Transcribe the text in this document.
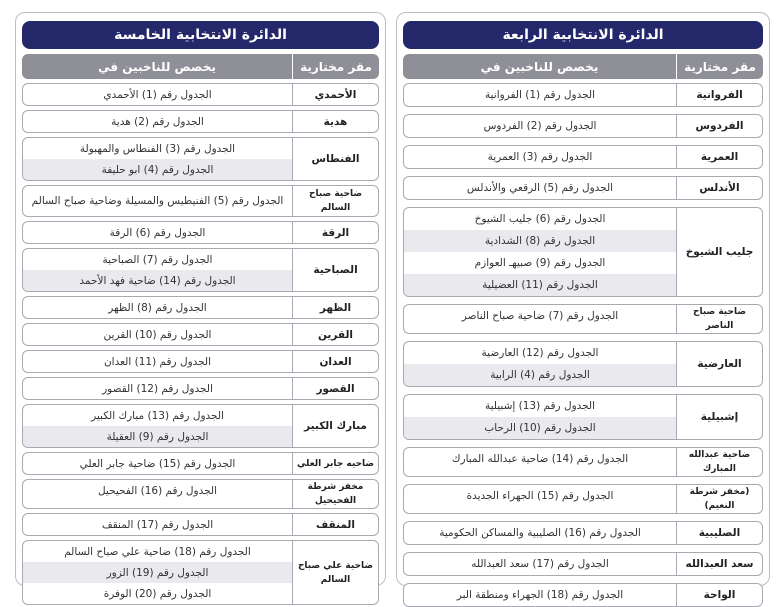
الدائرة الانتخابية الرابعة
مقر مختارية
يخصص للناخبين في
الفروانية
الجدول رقم (1) الفروانية
الفردوس
الجدول رقم (2) الفردوس
العمرية
الجدول رقم (3) العمرية
الأندلس
الجدول رقم (5) الرقعي والأندلس
جليب الشيوخ
الجدول رقم (6) جليب الشيوخ
الجدول رقم (8) الشدادية
الجدول رقم (9) صبيهـ العوازم
الجدول رقم (11) العضيلية
ضاحية صباح الناصر
الجدول رقم (7) ضاحية صباح الناصر
العارضية
الجدول رقم (12) العارضية
الجدول رقم (4) الرابية
إشبيلية
الجدول رقم (13) إشبيلية
الجدول رقم (10) الرحاب
ضاحية عبدالله المبارك
الجدول رقم (14) ضاحية عبدالله المبارك
(مخفر شرطة النعيم)
الجدول رقم (15) الجهراء الجديدة
الصليبية
الجدول رقم (16) الصليبية والمساكن الحكومية
سعد العبدالله
الجدول رقم (17) سعد العبدالله
الواحة
الجدول رقم (18) الجهراء ومنطقة البر
الدائرة الانتخابية الخامسة
مقر مختارية
يخصص للناخبين في
الأحمدي
الجدول رقم (1) الأحمدي
هدية
الجدول رقم (2) هدية
الفنطاس
الجدول رقم (3) الفنطاس والمهبولة
الجدول رقم (4) ابو حليفة
ضاحية صباح السالم
الجدول رقم (5) الفنيطيس والمسيلة وضاحية صباح السالم
الرقة
الجدول رقم (6) الرقة
الصباحية
الجدول رقم (7) الصباحية
الجدول رقم (14) ضاحية فهد الأحمد
الظهر
الجدول رقم (8) الظهر
القرين
الجدول رقم (10) القرين
العدان
الجدول رقم (11) العدان
القصور
الجدول رقم (12) القصور
مبارك الكبير
الجدول رقم (13) مبارك الكبير
الجدول رقم (9) العقيلة
ضاحيه جابر العلي
الجدول رقم (15) ضاحية جابر العلي
مخفر شرطة الفحيحيل
الجدول رقم (16) الفحيحيل
المنقف
الجدول رقم (17) المنقف
ضاحية علي صباح السالم
الجدول رقم (18) ضاحية علي صباح السالم
الجدول رقم (19) الزور
الجدول رقم (20) الوفرة
